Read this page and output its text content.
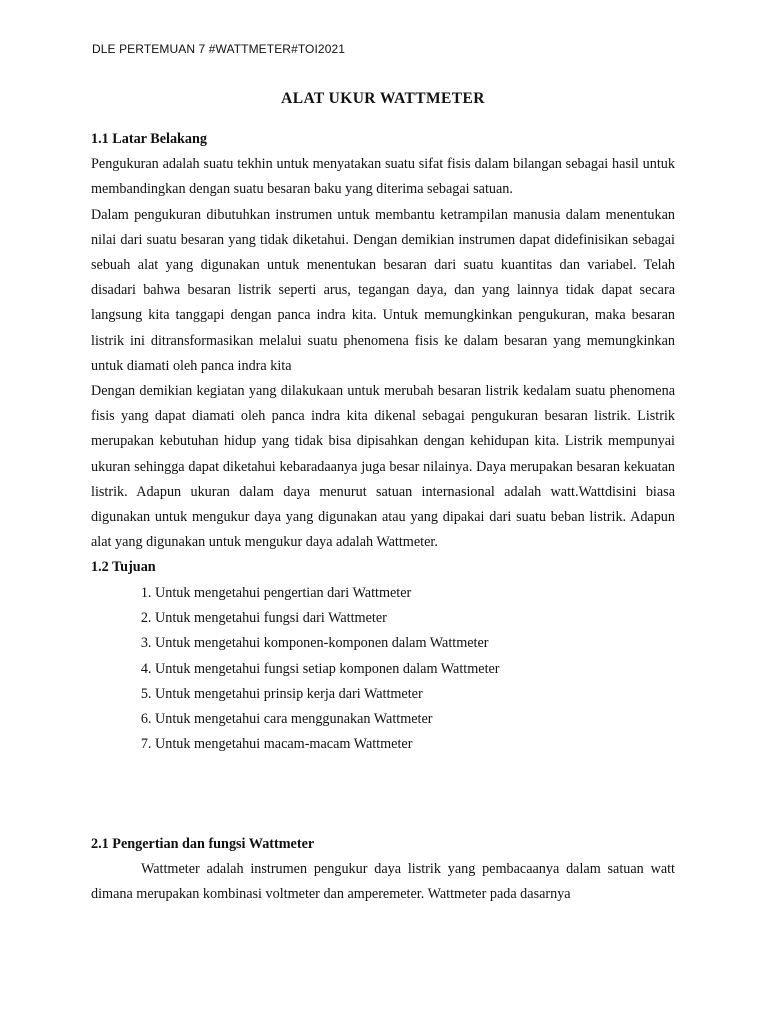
DLE PERTEMUAN 7 #WATTMETER#TOI2021
ALAT UKUR WATTMETER
1.1 Latar Belakang
Pengukuran adalah suatu tekhin untuk menyatakan suatu sifat fisis dalam bilangan sebagai hasil untuk membandingkan dengan suatu besaran baku yang diterima sebagai satuan.
Dalam pengukuran dibutuhkan instrumen untuk membantu ketrampilan manusia dalam menentukan nilai dari suatu besaran yang tidak diketahui. Dengan demikian instrumen dapat didefinisikan sebagai sebuah alat yang digunakan untuk menentukan besaran dari suatu kuantitas dan variabel. Telah disadari bahwa besaran listrik seperti arus, tegangan daya, dan yang lainnya tidak dapat secara langsung kita tanggapi dengan panca indra kita. Untuk memungkinkan pengukuran, maka besaran listrik ini ditransformasikan melalui suatu phenomena fisis ke dalam besaran yang memungkinkan untuk diamati oleh panca indra kita
Dengan demikian kegiatan yang dilakukaan untuk merubah besaran listrik kedalam suatu phenomena fisis yang dapat diamati oleh panca indra kita dikenal sebagai pengukuran besaran listrik. Listrik merupakan kebutuhan hidup yang tidak bisa dipisahkan dengan kehidupan kita. Listrik mempunyai ukuran sehingga dapat diketahui kebaradaanya juga besar nilainya. Daya merupakan besaran kekuatan listrik. Adapun ukuran dalam daya menurut satuan internasional adalah watt.Wattdisini biasa digunakan untuk mengukur daya yang digunakan atau yang dipakai dari suatu beban listrik. Adapun alat yang digunakan untuk mengukur daya adalah Wattmeter.
1.2 Tujuan
1. Untuk mengetahui pengertian dari Wattmeter
2. Untuk mengetahui fungsi dari Wattmeter
3. Untuk mengetahui komponen-komponen dalam Wattmeter
4. Untuk mengetahui fungsi setiap komponen dalam Wattmeter
5. Untuk mengetahui prinsip kerja dari Wattmeter
6. Untuk mengetahui cara menggunakan Wattmeter
7. Untuk mengetahui macam-macam Wattmeter
2.1 Pengertian dan fungsi Wattmeter
Wattmeter adalah instrumen pengukur daya listrik yang pembacaanya dalam satuan watt dimana merupakan kombinasi voltmeter dan amperemeter. Wattmeter pada dasarnya
